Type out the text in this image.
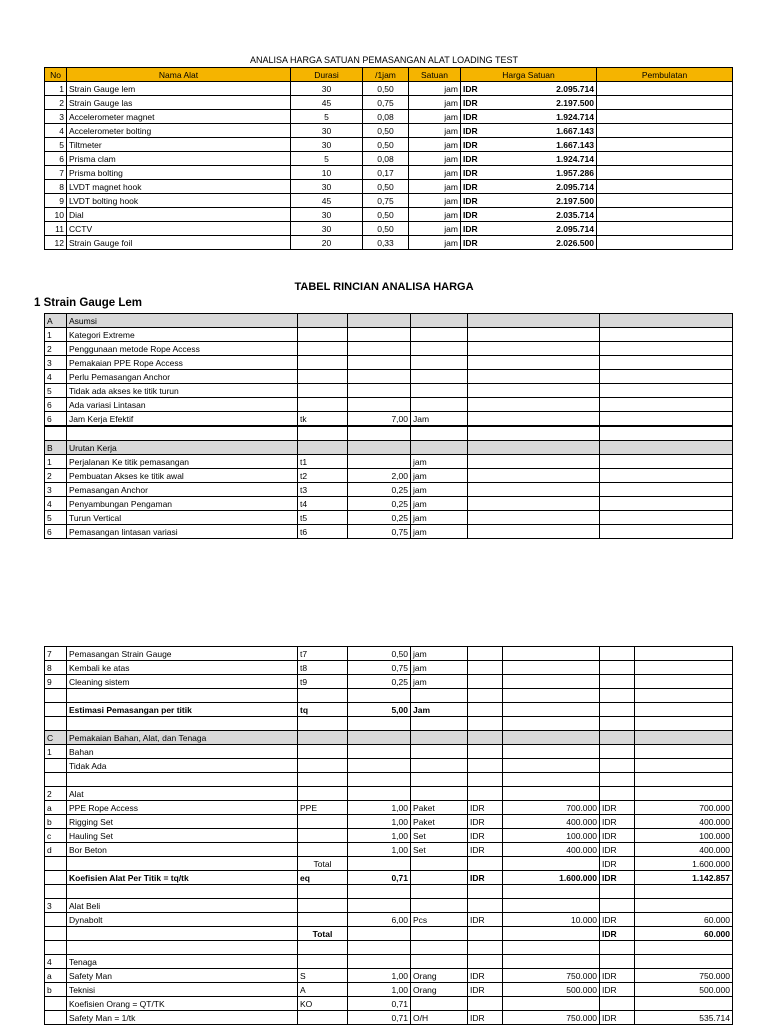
ANALISA HARGA SATUAN PEMASANGAN ALAT LOADING TEST
No	Nama Alat	Durasi	/1jam	Satuan	Harga Satuan	Pembulatan
1	Strain Gauge lem	30	0,50	jam	IDR 2.095.714	

2	Strain Gauge las	45	0,75	jam	IDR 2.197.500	

3	Accelerometer magnet	5	0,08	jam	IDR 1.924.714	

4	Accelerometer bolting	30	0,50	jam	IDR 1.667.143	

5	Tiltmeter	30	0,50	jam	IDR 1.667.143	

6	Prisma clam	5	0,08	jam	IDR 1.924.714	

7	Prisma bolting	10	0,17	jam	IDR 1.957.286	

8	LVDT magnet hook	30	0,50	jam	IDR 2.095.714	

9	LVDT bolting hook	45	0,75	jam	IDR 2.197.500	

10	Dial	30	0,50	jam	IDR 2.035.714	

11	CCTV	30	0,50	jam	IDR 2.095.714	

12	Strain Gauge foil	20	0,33	jam	IDR 2.026.500	

TABEL RINCIAN ANALISA HARGA
1 Strain Gauge Lem
A	Asumsi					
1	Kategori Extreme					
2	Penggunaan metode Rope Access					
3	Pemakaian PPE Rope Access					
4	Perlu Pemasangan Anchor					
5	Tidak ada akses ke titik turun					
6	Ada variasi Lintasan					
6	Jam Kerja Efektif	tk	7,00	Jam		

B	Urutan Kerja					
1	Perjalanan Ke titik pemasangan	t1		jam		
2	Pembuatan Akses ke titik awal	t2	2,00	jam		
3	Pemasangan Anchor	t3	0,25	jam		
4	Penyambungan Pengaman	t4	0,25	jam		
5	Turun Vertical	t5	0,25	jam		
6	Pemasangan lintasan variasi	t6	0,75	jam		
7	Pemasangan Strain Gauge	t7	0,50	jam				
8	Kembali ke atas	t8	0,75	jam				
9	Cleaning sistem	t9	0,25	jam				

	Estimasi Pemasangan per titik	tq	5,00	Jam				

C	Pemakaian Bahan, Alat, dan Tenaga							
1	Bahan							
	Tidak Ada							

2	Alat							
a	PPE Rope Access	PPE	1,00	Paket	IDR	700.000	IDR	700.000
b	Rigging Set		1,00	Paket	IDR	400.000	IDR	400.000
c	Hauling Set		1,00	Set	IDR	100.000	IDR	100.000
d	Bor Beton		1,00	Set	IDR	400.000	IDR	400.000
		Total					IDR	1.600.000
	Koefisien Alat Per Titik = tq/tk	eq	0,71		IDR	1.600.000	IDR	1.142.857

3	Alat Beli							
	Dynabolt		6,00	Pcs	IDR	10.000	IDR	60.000
		Total					IDR	60.000

4	Tenaga							
a	Safety Man	S	1,00	Orang	IDR	750.000	IDR	750.000
b	Teknisi	A	1,00	Orang	IDR	500.000	IDR	500.000
	Koefisien Orang = QT/TK	KO	0,71					
	Safety Man = 1/tk		0,71	O/H	IDR	750.000	IDR	535.714
